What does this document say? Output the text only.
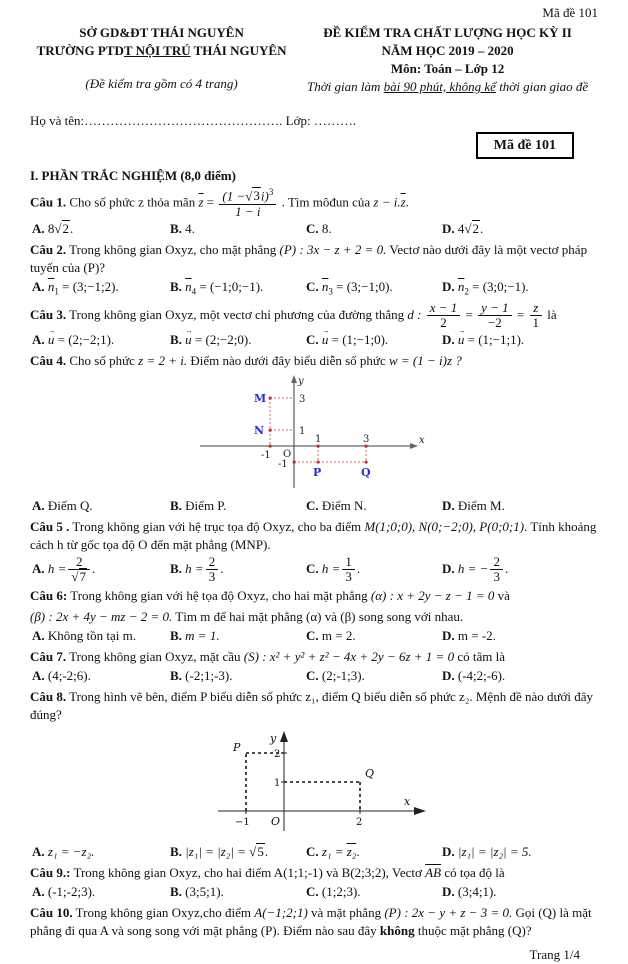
Mã đề 101
SỞ GD&ĐT THÁI NGUYÊN
TRƯỜNG PTDT NỘI TRÚ THÁI NGUYÊN
(Đề kiểm tra gồm có 4 trang)
ĐỀ KIỂM TRA CHẤT LƯỢNG HỌC KỲ II
NĂM HỌC 2019 – 2020
Môn: Toán – Lớp 12
Thời gian làm bài 90 phút, không kể thời gian giao đề
Họ và tên:………………………………………. Lớp: ……….
Mã đề 101
I. PHẦN TRẮC NGHIỆM (8,0 điểm)

Câu 1. Cho số phức z thỏa mãn $\overline{z} = \frac{(1 -√3i)^3}{1 - i}$ . Tìm môđun của $z - i.\overline{z}$.

A. 8√2.	B. 4.	C. 8.	D. 4√2.

Câu 2. Trong không gian Oxyz, cho mặt phẳng (P) : 3x − z + 2 = 0. Vectơ nào dưới đây là một vectơ pháp tuyến của (P)?

A. $\overline{n}_1$ = (3;−1;2).	B. $\overline{n}_4$ = (−1;0;−1).	C. $\overline{n}_3$ = (3;−1;0).	D. $\overline{n}_2$ = (3;0;−1).

Câu 3. Trong không gian Oxyz, một vectơ chỉ phương của đường thẳng d : $\frac{x - 1}{2} = \frac{y - 1}{-2} = \frac{z}{1}$ là

A.
→
u = (2;−2;1).	B.
→
u = (2;−2;0).	C.
→
u = (1;−1;0).	D.
→
u = (1;−1;1).

Câu 4. Cho số phức z = 2 + i. Điểm nào dưới đây biểu diễn số phức w = (1 − i)z ?

M
N
P	Q
3
1
-1
-1
1	3
O
x
y
A. Điểm Q.	B. Điểm P.	C. Điểm N.	D. Điểm M.

Câu 5 . Trong không gian với hệ trục tọa độ Oxyz, cho ba điểm M(1;0;0), N(0;−2;0), P(0;0;1). Tính khoảng cách h từ gốc tọa độ O đến mặt phẳng (MNP).

A. $h = \frac{2}{√7}$ .	B. $h = \frac{2}{3}$ .	C. $h = \frac{1}{3}$ .	D. h = − $\frac{2}{3}$ .

Câu 6: Trong không gian với hệ tọa độ Oxyz, cho hai mặt phẳng (α) : x + 2y − z − 1 = 0 và

(β) : 2x + 4y − mz − 2 = 0. Tìm m để hai mặt phẳng (α) và (β) song song với nhau.

A. Không tồn tại m.	B. m = 1.	C. m = 2.	D. m = -2.

Câu 7. Trong không gian Oxyz, mặt cầu (S) : x² + y² + z² − 4x + 2y − 6z + 1 = 0 có tâm là

A. (4;-2;6).	B. (-2;1;-3).	C. (2;-1;3).	D. (-4;2;-6).

Câu 8. Trong hình vẽ bên, điểm P biểu diễn số phức z₁, điểm Q biểu diễn số phức z₂. Mệnh đề nào dưới đây đúng?

P
Q
y
x
O
−1	2
1
2
A. z₁ = −z₂.	B. |z₁| = |z₂| = √5.	C. z₁ = z₂.	D. |z₁| = |z₂| = 5.

Câu 9.: Trong không gian Oxyz, cho hai điểm A(1;1;-1) và B(2;3;2), Vectơ $\overline{AB}$ có tọa độ là

A. (-1;-2;3).	B. (3;5;1).	C. (1;2;3).	D. (3;4;1).

Câu 10. Trong không gian Oxyz,cho điểm A(−1;2;1) và mặt phẳng (P) : 2x − y + z − 3 = 0. Gọi (Q) là mặt phẳng đi qua A và song song với mặt phẳng (P). Điểm nào sau đây không thuộc mặt phẳng (Q)?

Trang 1/4
